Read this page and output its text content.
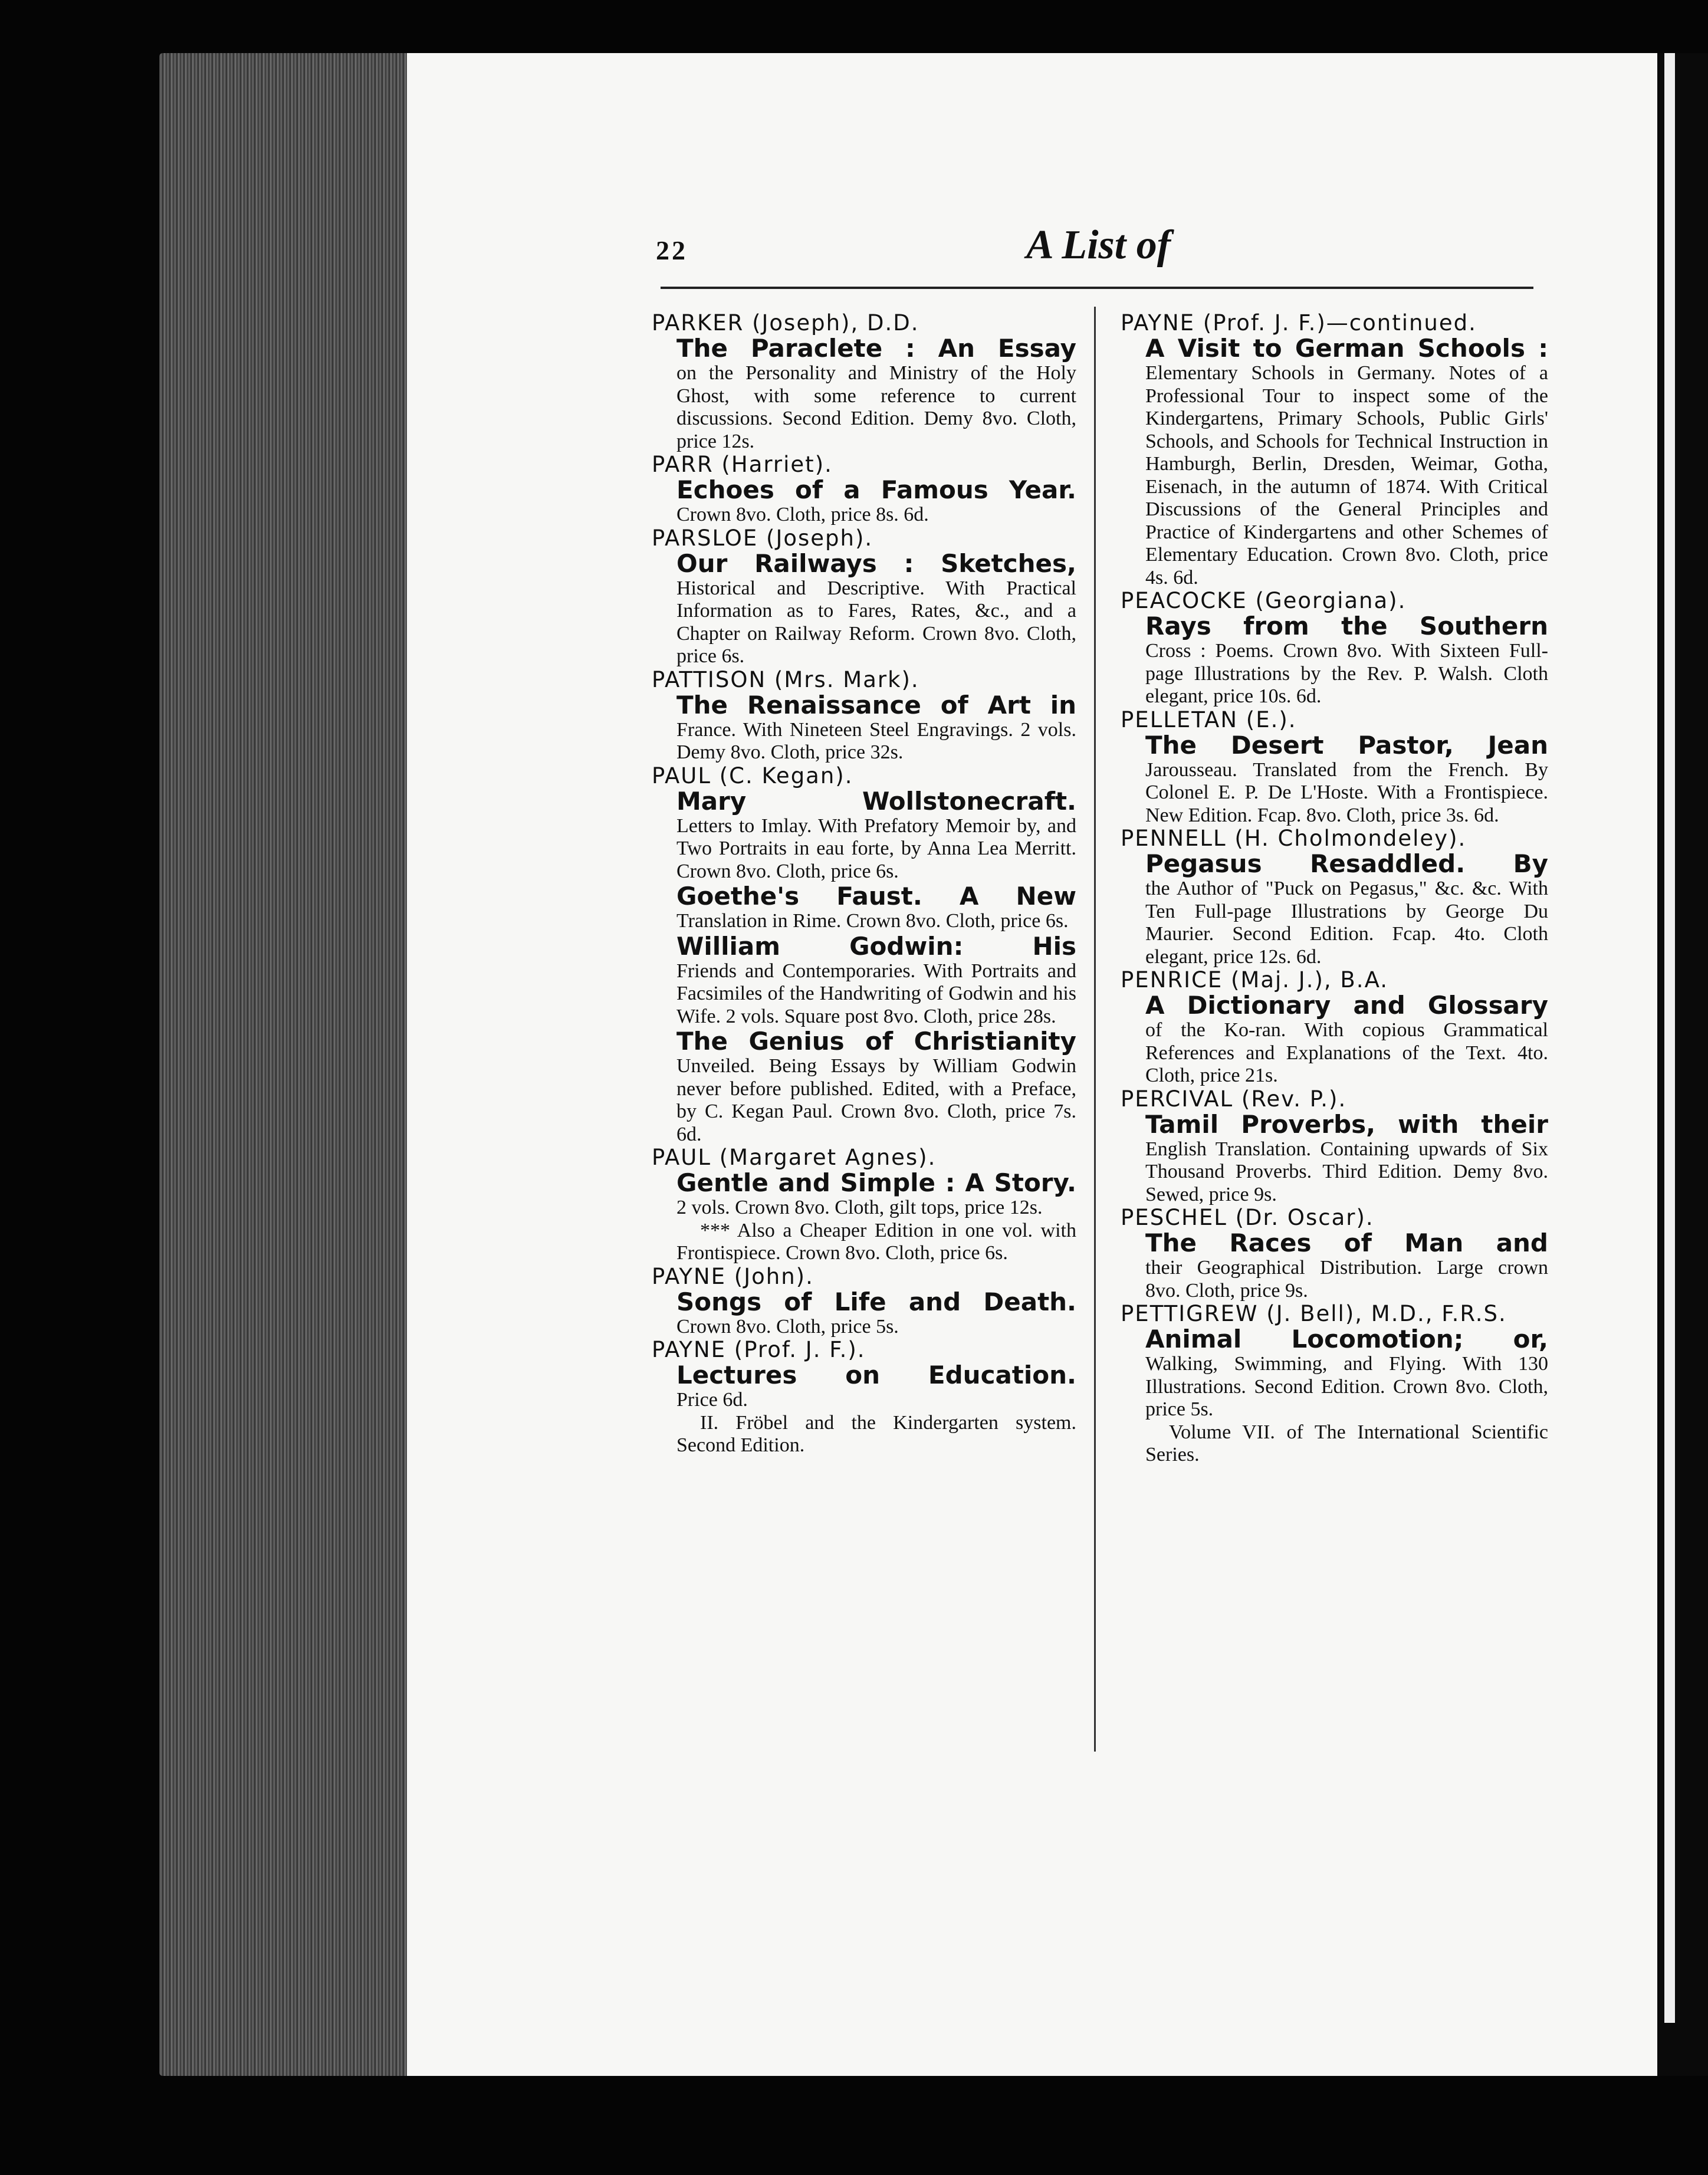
22	A List of
PARKER (Joseph), D.D.
The Paraclete : An Essay
on the Personality and Ministry of the Holy Ghost, with some reference to current discussions. Second Edition. Demy 8vo. Cloth, price 12s.
PARR (Harriet).
Echoes of a Famous Year.
Crown 8vo. Cloth, price 8s. 6d.
PARSLOE (Joseph).
Our Railways : Sketches,
Historical and Descriptive. With Practical Information as to Fares, Rates, &c., and a Chapter on Railway Reform. Crown 8vo. Cloth, price 6s.
PATTISON (Mrs. Mark).
The Renaissance of Art in
France. With Nineteen Steel Engravings. 2 vols. Demy 8vo. Cloth, price 32s.
PAUL (C. Kegan).
Mary Wollstonecraft.
Letters to Imlay. With Prefatory Memoir by, and Two Portraits in eau forte, by Anna Lea Merritt. Crown 8vo. Cloth, price 6s.
Goethe's Faust. A New
Translation in Rime. Crown 8vo. Cloth, price 6s.
William Godwin: His
Friends and Contemporaries. With Portraits and Facsimiles of the Handwriting of Godwin and his Wife. 2 vols. Square post 8vo. Cloth, price 28s.
The Genius of Christianity
Unveiled. Being Essays by William Godwin never before published. Edited, with a Preface, by C. Kegan Paul. Crown 8vo. Cloth, price 7s. 6d.
PAUL (Margaret Agnes).
Gentle and Simple : A Story.
2 vols. Crown 8vo. Cloth, gilt tops, price 12s.
*** Also a Cheaper Edition in one vol. with Frontispiece. Crown 8vo. Cloth, price 6s.
PAYNE (John).
Songs of Life and Death.
Crown 8vo. Cloth, price 5s.
PAYNE (Prof. J. F.).
Lectures on Education.
Price 6d.
II. Fröbel and the Kindergarten system. Second Edition.
PAYNE (Prof. J. F.)—continued.
A Visit to German Schools :
Elementary Schools in Germany. Notes of a Professional Tour to inspect some of the Kindergartens, Primary Schools, Public Girls' Schools, and Schools for Technical Instruction in Hamburgh, Berlin, Dresden, Weimar, Gotha, Eisenach, in the autumn of 1874. With Critical Discussions of the General Principles and Practice of Kindergartens and other Schemes of Elementary Education. Crown 8vo. Cloth, price 4s. 6d.
PEACOCKE (Georgiana).
Rays from the Southern
Cross : Poems. Crown 8vo. With Sixteen Full-page Illustrations by the Rev. P. Walsh. Cloth elegant, price 10s. 6d.
PELLETAN (E.).
The Desert Pastor, Jean
Jarousseau. Translated from the French. By Colonel E. P. De L'Hoste. With a Frontispiece. New Edition. Fcap. 8vo. Cloth, price 3s. 6d.
PENNELL (H. Cholmondeley).
Pegasus Resaddled. By
the Author of "Puck on Pegasus," &c. &c. With Ten Full-page Illustrations by George Du Maurier. Second Edition. Fcap. 4to. Cloth elegant, price 12s. 6d.
PENRICE (Maj. J.), B.A.
A Dictionary and Glossary
of the Ko-ran. With copious Grammatical References and Explanations of the Text. 4to. Cloth, price 21s.
PERCIVAL (Rev. P.).
Tamil Proverbs, with their
English Translation. Containing upwards of Six Thousand Proverbs. Third Edition. Demy 8vo. Sewed, price 9s.
PESCHEL (Dr. Oscar).
The Races of Man and
their Geographical Distribution. Large crown 8vo. Cloth, price 9s.
PETTIGREW (J. Bell), M.D., F.R.S.
Animal Locomotion; or,
Walking, Swimming, and Flying. With 130 Illustrations. Second Edition. Crown 8vo. Cloth, price 5s.
Volume VII. of The International Scientific Series.
